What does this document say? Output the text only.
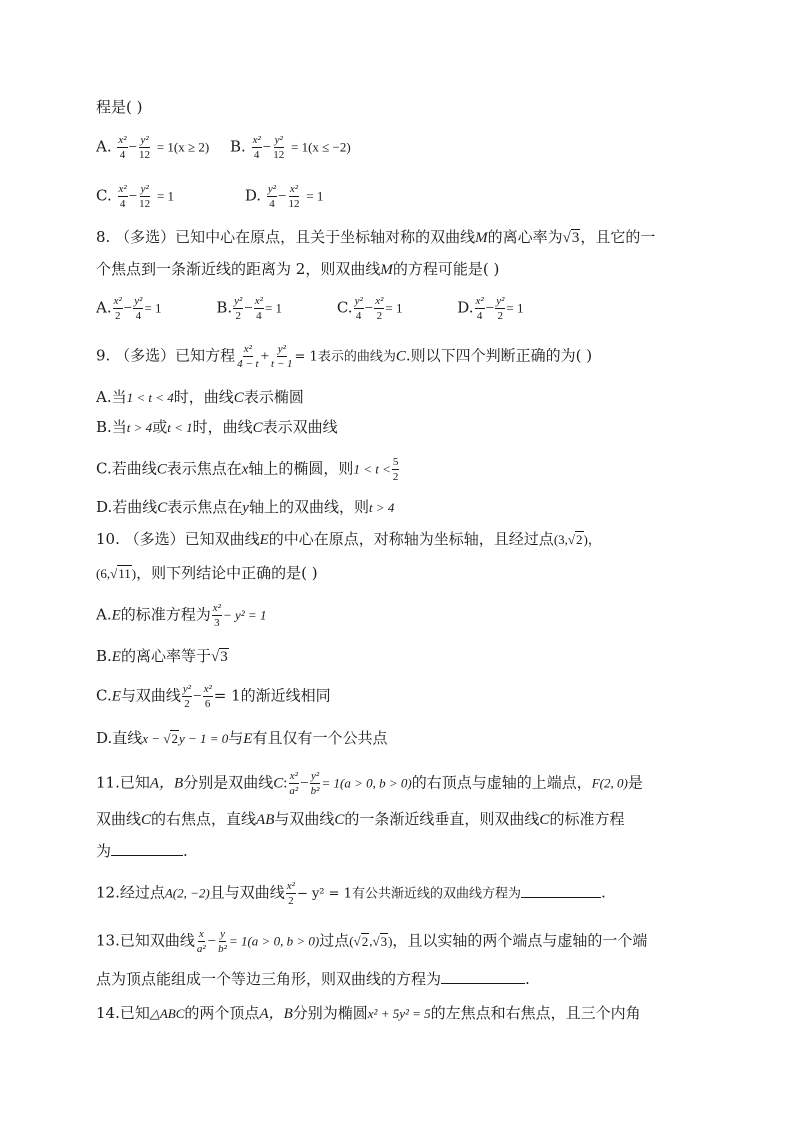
程是( )
A. $\frac{\text{x²}}{4} - \frac{\text{y²}}{12} = 1(x \ge 2)$ B. $\frac{\text{x²}}{4} - \frac{\text{y²}}{12} = 1(x \le -2)$
C. $\frac{\text{x²}}{4} - \frac{\text{y²}}{12} = 1$	D. $\frac{\text{y²}}{4} - \frac{\text{x²}}{12} = 1$
8. （多选）已知中心在原点，且关于坐标轴对称的双曲线M的离心率为√3，且它的一
个焦点到一条渐近线的距离为 2，则双曲线M的方程可能是( )
A. $\frac{\text{x²}}{2} - \frac{\text{y²}}{4} = 1$	B. $\frac{\text{y²}}{2} - \frac{\text{x²}}{4} = 1$	C. $\frac{\text{y²}}{4} - \frac{\text{x²}}{2} = 1$	D. $\frac{\text{x²}}{4} - \frac{\text{y²}}{2} = 1$
9. （多选）已知方程 $\frac{\text{x²}}{4 - t} + \frac{\text{y²}}{t - 1} = 1$表示的曲线为C.则以下四个判断正确的为( )
A.当1 < t < 4时，曲线C表示椭圆
B.当t > 4或t < 1时，曲线C表示双曲线
C.若曲线C表示焦点在x轴上的椭圆，则$1 < t < \frac{5}{2}$
D.若曲线C表示焦点在y轴上的双曲线，则t > 4
10. （多选）已知双曲线E的中心在原点，对称轴为坐标轴，且经过点(3,√2)，
(6,√11)，则下列结论中正确的是( )
A.E的标准方程为 $\frac{\text{x²}}{3} - y^2 = 1$
B.E的离心率等于√3
C.E与双曲线 $\frac{\text{y²}}{2} - \frac{\text{x²}}{6} = 1$的渐近线相同
D.直线x − √2y − 1 = 0与E有且仅有一个公共点
11.已知A，B分别是双曲线C: $\frac{\text{x²}}{\text{a²}} - \frac{\text{y²}}{\text{b²}} = 1(a > 0$, b > 0)的右顶点与虚轴的上端点，F(2, 0)是
双曲线C的右焦点，直线AB与双曲线C的一条渐近线垂直，则双曲线C的标准方程
为	.
12.经过点A(2, −2)且与双曲线 $\frac{\text{x²}}{2} - y^2 = 1$有公共渐近线的双曲线方程为	.
13.已知双曲线 $\frac{x}{\text{a²}} - \frac{y}{\text{b²}} = 1(a > 0$, b > 0)过点(√2,√3)，且以实轴的两个端点与虚轴的一个端
点为顶点能组成一个等边三角形，则双曲线的方程为	.
14.已知△ABC的两个顶点A，B分别为椭圆x² + 5y² = 5的左焦点和右焦点，且三个内角
